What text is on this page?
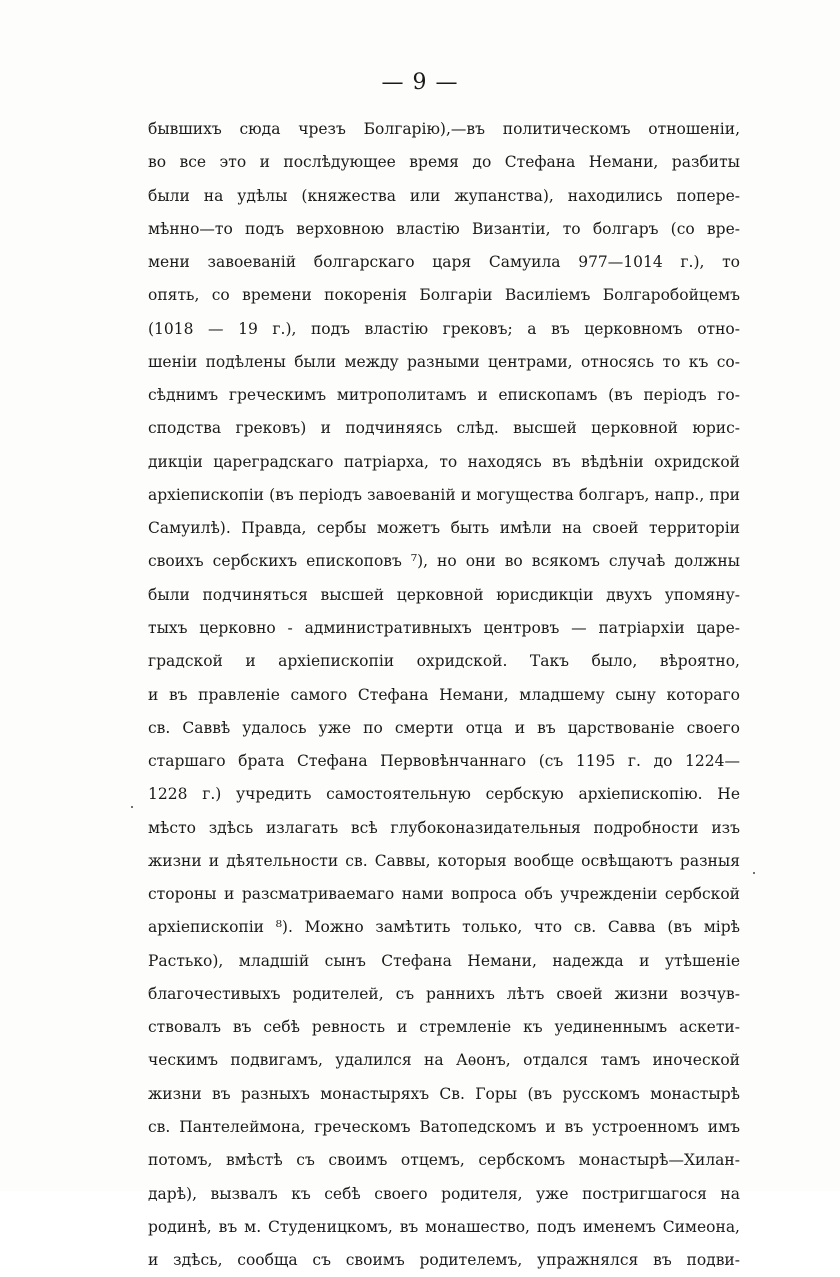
— 9 —
бывшихъ сюда чрезъ Болгарію),—въ политическомъ отношеніи,
во все это и послѣдующее время до Стефана Немани, разбиты
были на удѣлы (княжества или жупанства), находились попере-
мѣнно—то подъ верховною властію Византіи, то болгаръ (со вре-
мени завоеваній болгарскаго царя Самуила 977—1014 г.), то
опять, со времени покоренія Болгаріи Василіемъ Болгаробойцемъ
(1018 — 19 г.), подъ властію грековъ; а въ церковномъ отно-
шеніи подѣлены были между разными центрами, относясь то къ со-
сѣднимъ греческимъ митрополитамъ и епископамъ (въ періодъ го-
сподства грековъ) и подчиняясь слѣд. высшей церковной юрис-
дикціи цареградскаго патріарха, то находясь въ вѣдѣніи охридской
архіепископіи (въ періодъ завоеваній и могущества болгаръ, напр., при
Самуилѣ). Правда, сербы можетъ быть имѣли на своей территоріи
своихъ сербскихъ епископовъ ⁷), но они во всякомъ случаѣ должны
были подчиняться высшей церковной юрисдикціи двухъ упомяну-
тыхъ церковно - административныхъ центровъ — патріархіи царе-
градской и архіепископіи охридской. Такъ было, вѣроятно,
и въ правленіе самого Стефана Немани, младшему сыну котораго
св. Саввѣ удалось уже по смерти отца и въ царствованіе своего
старшаго брата Стефана Первовѣнчаннаго (съ 1195 г. до 1224—
1228 г.) учредить самостоятельную сербскую архіепископію. Не
мѣсто здѣсь излагать всѣ глубоконазидательныя подробности изъ
жизни и дѣятельности св. Саввы, которыя вообще освѣщаютъ разныя
стороны и разсматриваемаго нами вопроса объ учрежденіи сербской
архіепископіи ⁸). Можно замѣтить только, что св. Савва (въ мірѣ
Растько), младшій сынъ Стефана Немани, надежда и утѣшеніе
благочестивыхъ родителей, съ раннихъ лѣтъ своей жизни возчув-
ствовалъ въ себѣ ревность и стремленіе къ уединеннымъ аскети-
ческимъ подвигамъ, удалился на Аѳонъ, отдался тамъ иноческой
жизни въ разныхъ монастыряхъ Св. Горы (въ русскомъ монастырѣ
св. Пантелеймона, греческомъ Ватопедскомъ и въ устроенномъ имъ
потомъ, вмѣстѣ съ своимъ отцемъ, сербскомъ монастырѣ—Хилан-
дарѣ), вызвалъ къ себѣ своего родителя, уже постригшагося на
родинѣ, въ м. Студеницкомъ, въ монашество, подъ именемъ Симеона,
и здѣсь, сообща съ своимъ родителемъ, упражнялся въ подви-
